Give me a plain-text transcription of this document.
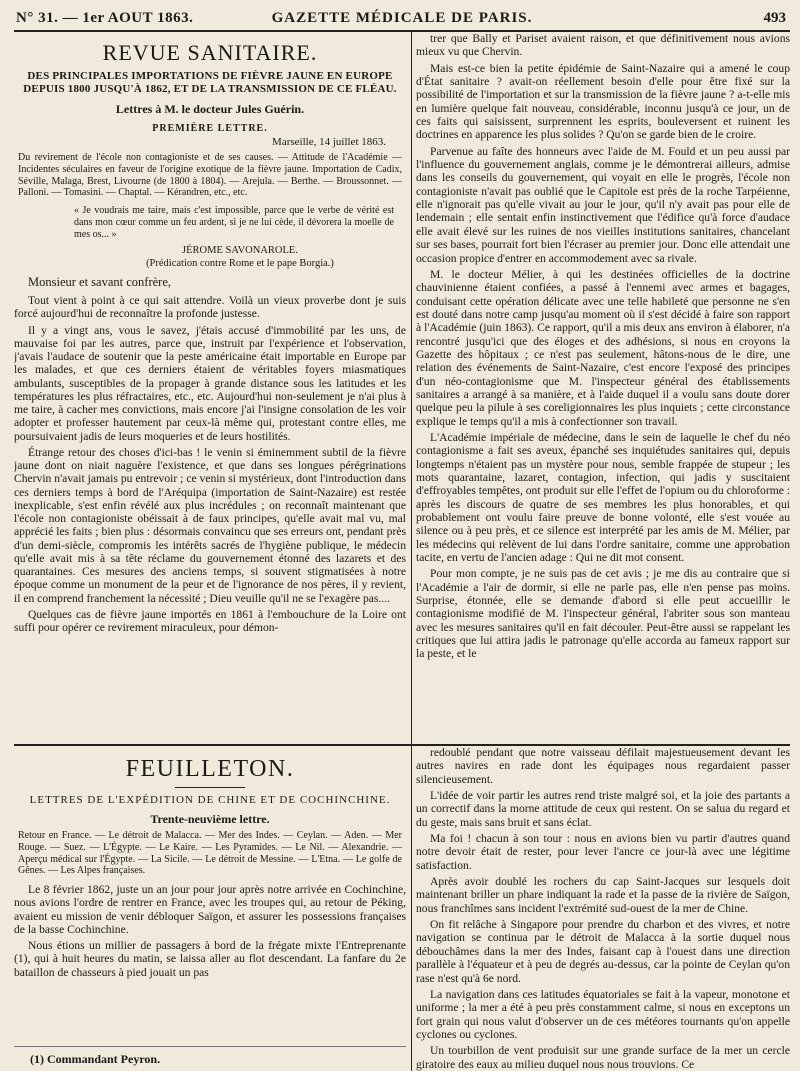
N° 31. — 1er AOUT 1863.	GAZETTE MÉDICALE DE PARIS.	493
REVUE SANITAIRE.
DES PRINCIPALES IMPORTATIONS DE FIÈVRE JAUNE EN EUROPE DEPUIS 1800 JUSQU'À 1862, ET DE LA TRANSMISSION DE CE FLÉAU.
Lettres à M. le docteur Jules Guérin.
PREMIÈRE LETTRE.
Marseille, 14 juillet 1863.
Du revirement de l'école non contagioniste et de ses causes. — Attitude de l'Académie — Incidentes séculaires en faveur de l'origine exotique de la fièvre jaune. Importation de Cadix, Séville, Malaga, Brest, Livourne (de 1800 à 1804). — Arejula. — Berthe. — Broussonnet. — Palloni. — Tomasini. — Chaptal. — Kérandren, etc., etc.
« Je voudrais me taire, mais c'est impossible, parce que le verbe de vérité est dans mon cœur comme un feu ardent, si je ne lui cède, il dévorera la moelle de mes os... »
JÉROME SAVONAROLE.
(Prédication contre Rome et le pape Borgia.)
Monsieur et savant confrère,

Tout vient à point à ce qui sait attendre. Voilà un vieux proverbe dont je suis forcé aujourd'hui de reconnaître la profonde justesse.

Il y a vingt ans, vous le savez, j'étais accusé d'immobilité par les uns, de mauvaise foi par les autres, parce que, instruit par l'expérience et l'observation, j'avais l'audace de soutenir que la peste américaine était importable en Europe par les malades, et que ces derniers étaient de véritables foyers miasmatiques ambulants, susceptibles de la propager à grande distance sous les latitudes et les températures les plus réfractaires, etc., etc. Aujourd'hui non-seulement je n'ai plus à me taire, à cacher mes convictions, mais encore j'ai l'insigne consolation de les voir adopter et professer hautement par ceux-là même qui, protestant contre elles, me poursuivaient jadis de leurs moqueries et de leurs hostilités.

Étrange retour des choses d'ici-bas ! le venin si éminemment subtil de la fièvre jaune dont on niait naguère l'existence, et que dans ses longues pérégrinations Chervin n'avait jamais pu entrevoir ; ce venin si mystérieux, dont l'introduction dans ces derniers temps à bord de l'Aréquipa (importation de Saint-Nazaire) est restée inexplicable, s'est enfin révélé aux plus incrédules ; on reconnaît maintenant que l'école non contagioniste obéissait à de faux principes, qu'elle avait mal vu, mal apprécié les faits ; bien plus : désormais convaincu que ses erreurs ont, pendant près d'un demi-siècle, compromis les intérêts sacrés de l'hygiène publique, le médecin qu'elle avait mis à sa tête réclame du gouvernement étonné des lazarets et des quarantaines. Ces mesures des anciens temps, si souvent stigmatisées à notre époque comme un monument de la peur et de l'ignorance de nos pères, il y revient, il en comprend franchement la nécessité ; Dieu veuille qu'il ne se l'exagère pas....

Quelques cas de fièvre jaune importés en 1861 à l'embouchure de la Loire ont suffi pour opérer ce revirement miraculeux, pour démon-

trer que Bally et Pariset avaient raison, et que définitivement nous avions mieux vu que Chervin.

Mais est-ce bien la petite épidémie de Saint-Nazaire qui a amené le coup d'État sanitaire ? avait-on réellement besoin d'elle pour être fixé sur la possibilité de l'importation et sur la transmission de la fièvre jaune ? a-t-elle mis en lumière quelque fait nouveau, considérable, inconnu jusqu'à ce jour, un de ces faits qui saisissent, surprennent les esprits, bouleversent et ruinent les doctrines en apparence les plus solides ? Qu'on se garde bien de le croire.

Parvenue au faîte des honneurs avec l'aide de M. Fould et un peu aussi par l'influence du gouvernement anglais, comme je le démontrerai ailleurs, admise dans les conseils du gouvernement, qui voyait en elle le progrès, l'école non contagioniste n'avait pas oublié que le Capitole est près de la roche Tarpéienne, elle n'ignorait pas qu'elle vivait au jour le jour, qu'il n'y avait pas pour elle de lendemain ; elle sentait enfin instinctivement que l'édifice qu'à force d'audace elle avait élevé sur les ruines de nos vieilles institutions sanitaires, chancelant sur ses bases, pourrait fort bien l'écraser au premier jour. Donc elle attendait une occasion propice d'entrer en accommodement avec sa rivale.

M. le docteur Mélier, à qui les destinées officielles de la doctrine chauvinienne étaient confiées, a passé à l'ennemi avec armes et bagages, conduisant cette opération délicate avec une telle habileté que personne ne s'en est douté dans notre camp jusqu'au moment où il s'est décidé à faire son rapport à l'Académie (juin 1863). Ce rapport, qu'il a mis deux ans environ à élaborer, n'a rencontré jusqu'ici que des éloges et des adhésions, si nous en croyons la Gazette des hôpitaux ; ce n'est pas seulement, hâtons-nous de le dire, une relation des événements de Saint-Nazaire, c'est encore l'exposé des principes d'un néo-contagionisme que M. l'inspecteur général des établissements sanitaires a arrangé à sa manière, et à l'aide duquel il a voulu sans doute dorer quelque peu la pilule à ses coreligionnaires les plus inquiets ; cette circonstance explique le temps qu'il a mis à confectionner son travail.

L'Académie impériale de médecine, dans le sein de laquelle le chef du néo contagionisme a fait ses aveux, épanché ses inquiétudes sanitaires qui, depuis longtemps n'étaient pas un mystère pour nous, semble frappée de stupeur ; les mots quarantaine, lazaret, contagion, infection, qui jadis y suscitaient d'effroyables tempêtes, ont produit sur elle l'effet de l'opium ou du chloroforme : après les discours de quatre de ses membres les plus honorables, et qui probablement ont voulu faire preuve de bonne volonté, elle s'est vouée au silence ou à peu près, et ce silence est interprété par les amis de M. Mélier, par les médecins qui relèvent de lui dans l'ordre sanitaire, comme une approbation tacite, en vertu de l'ancien adage : Qui ne dit mot consent.

Pour mon compte, je ne suis pas de cet avis ; je me dis au contraire que si l'Académie a l'air de dormir, si elle ne parle pas, elle n'en pense pas moins. Surprise, étonnée, elle se demande d'abord si elle peut accueillir le contagionisme modifié de M. l'inspecteur général, l'abriter sous son manteau avec les mesures sanitaires qu'il en fait découler. Peut-être aussi se rappelant les critiques que lui attira jadis le patronage qu'elle accorda au fameux rapport sur la peste, et le

FEUILLETON.
LETTRES DE L'EXPÉDITION DE CHINE ET DE COCHINCHINE.
Trente-neuvième lettre.
Retour en France. — Le détroit de Malacca. — Mer des Indes. — Ceylan. — Aden. — Mer Rouge. — Suez. — L'Égypte. — Le Kaire. — Les Pyramides. — Le Nil. — Alexandrie. — Aperçu médical sur l'Égypte. — La Sicile. — Le détroit de Messine. — L'Etna. — Le golfe de Gênes. — Les Alpes françaises.

Le 8 février 1862, juste un an jour pour jour après notre arrivée en Cochinchine, nous avions l'ordre de rentrer en France, avec les troupes qui, au retour de Péking, avaient eu mission de venir débloquer Saïgon, et assurer les possessions françaises de la basse Cochinchine.

Nous étions un millier de passagers à bord de la frégate mixte l'Entreprenante (1), qui à huit heures du matin, se laissa aller au flot descendant. La fanfare du 2e bataillon de chasseurs à pied jouait un pas

(1) Commandant Peyron.

redoublé pendant que notre vaisseau défilait majestueusement devant les autres navires en rade dont les équipages nous regardaient passer silencieusement.

L'idée de voir partir les autres rend triste malgré soi, et la joie des partants a un correctif dans la morne attitude de ceux qui restent. On se salua du regard et du geste, mais sans bruit et sans éclat.

Ma foi ! chacun à son tour : nous en avions bien vu partir d'autres quand notre devoir était de rester, pour lever l'ancre ce jour-là avec une légitime satisfaction.

Après avoir doublé les rochers du cap Saint-Jacques sur lesquels doit maintenant briller un phare indiquant la rade et la passe de la rivière de Saïgon, nous franchîmes sans incident l'extrémité sud-ouest de la mer de Chine.

On fit relâche à Singapore pour prendre du charbon et des vivres, et notre navigation se continua par le détroit de Malacca à la sortie duquel nous débouchâmes dans la mer des Indes, faisant cap à l'ouest dans une direction parallèle à l'équateur et à peu de degrés au-dessus, car la pointe de Ceylan qu'on rase n'est qu'à 6e nord.

La navigation dans ces latitudes équatoriales se fait à la vapeur, monotone et uniforme ; la mer a été à peu près constamment calme, si nous en exceptons un fort grain qui nous valut d'observer un de ces météores tournants qu'on appelle cyclones ou cyclones.

Un tourbillon de vent produisit sur une grande surface de la mer un cercle giratoire des eaux au milieu duquel nous nous trouvions. Ce
